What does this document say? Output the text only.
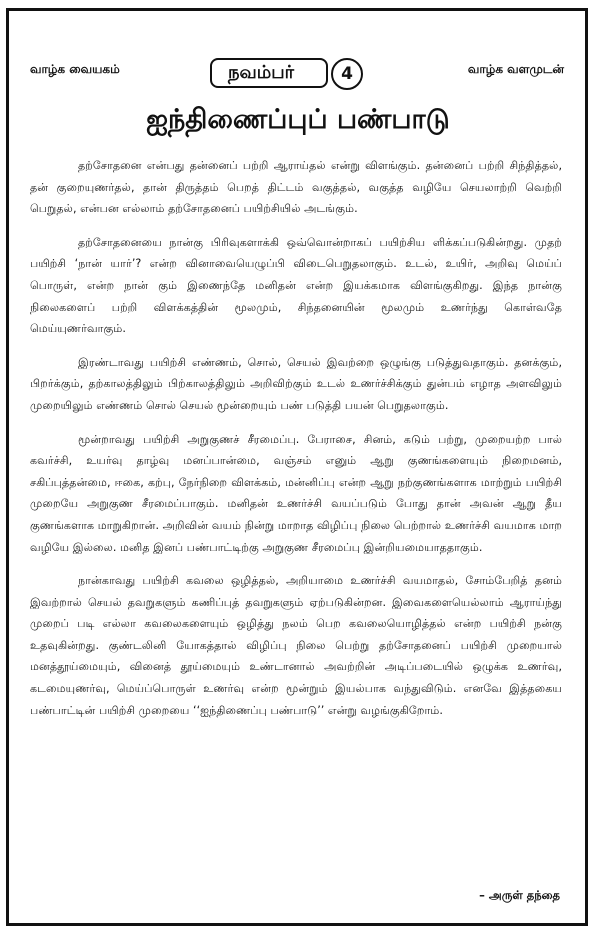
வாழ்க வையகம்	நவம்பர்	4	வாழ்க வளமுடன்
ஐந்திணைப்புப் பண்பாடு

தற்சோதனை என்பது தன்னைப் பற்றி ஆராய்தல் என்று விளங்கும். தன்னைப் பற்றி சிந்தித்தல், தன் குறையுணர்தல், தான் திருத்தம் பெறத் திட்டம் வகுத்தல், வகுத்த வழியே செயலாற்றி வெற்றி பெறுதல், என்பன எல்லாம் தற்சோதனைப் பயிற்சியில் அடங்கும்.

தற்சோதனையை நான்கு பிரிவுகளாக்கி ஒவ்வொன்றாகப் பயிற்சிய ளிக்கப்படுகின்றது. முதற் பயிற்சி ‘நான் யார்’? என்ற வினாவையெழுப்பி விடைபெறுதலாகும். உடல், உயிர், அறிவு மெய்ப் பொருள், என்ற நான் கும் இணைந்தே மனிதன் என்ற இயக்கமாக விளங்குகிறது. இந்த நான்கு நிலைகளைப் பற்றி விளக்கத்தின் மூலமும், சிந்தனையின் மூலமும் உணர்ந்து கொள்வதே மெய்யுணர்வாகும்.

இரண்டாவது பயிற்சி எண்ணம், சொல், செயல் இவற்றை ஒழுங்கு படுத்துவதாகும். தனக்கும், பிறர்க்கும், தற்காலத்திலும் பிற்காலத்திலும் அறிவிற்கும் உடல் உணர்ச்சிக்கும் துன்பம் எழாத அளவிலும் முறையிலும் எண்ணம் சொல் செயல் மூன்றையும் பண் படுத்தி பயன் பெறுதலாகும்.

மூன்றாவது பயிற்சி அறுகுணச் சீரமைப்பு. பேராசை, சினம், கடும் பற்று, முறையற்ற பால் கவர்ச்சி, உயர்வு தாழ்வு மனப்பான்மை, வஞ்சம் எனும் ஆறு குணங்களையும் நிறைமனம், சகிப்புத்தன்மை, ஈகை, கற்பு, நேர்நிறை விளக்கம், மன்னிப்பு என்ற ஆறு நற்குணங்களாக மாற்றும் பயிற்சி முறையே அறுகுண சீரமைப்பாகும். மனிதன் உணர்ச்சி வயப்படும் போது தான் அவன் ஆறு தீய குணங்களாக மாறுகிறான். அறிவின் வயம் நின்று மாறாத விழிப்பு நிலை பெற்றால் உணர்ச்சி வயமாக மாற வழியே இல்லை. மனித இனப் பண்பாட்டிற்கு அறுகுண சீரமைப்பு இன்றியமையாததாகும்.

நான்காவது பயிற்சி கவலை ஒழித்தல், அறியாமை உணர்ச்சி வயமாதல், சோம்பேறித் தனம் இவற்றால் செயல் தவறுகளும் கணிப்புத் தவறுகளும் ஏற்படுகின்றன. இவைகளையெல்லாம் ஆராய்ந்து முறைப் படி எல்லா கவலைகளையும் ஒழித்து நலம் பெற கவலையொழித்தல் என்ற பயிற்சி நன்கு உதவுகின்றது. குண்டலினி யோகத்தால் விழிப்பு நிலை பெற்று தற்சோதனைப் பயிற்சி முறையால் மனத்தூய்மையும், வினைத் தூய்மையும் உண்டானால் அவற்றின் அடிப்படையில் ஒழுக்க உணர்வு, கடமையுணர்வு, மெய்ப்பொருள் உணர்வு என்ற மூன்றும் இயல்பாக வந்துவிடும். எனவே இத்தகைய பண்பாட்டின் பயிற்சி முறையை ‘‘ஐந்திணைப்பு பண்பாடு’’ என்று வழங்குகிறோம்.

– அருள் தந்தை
